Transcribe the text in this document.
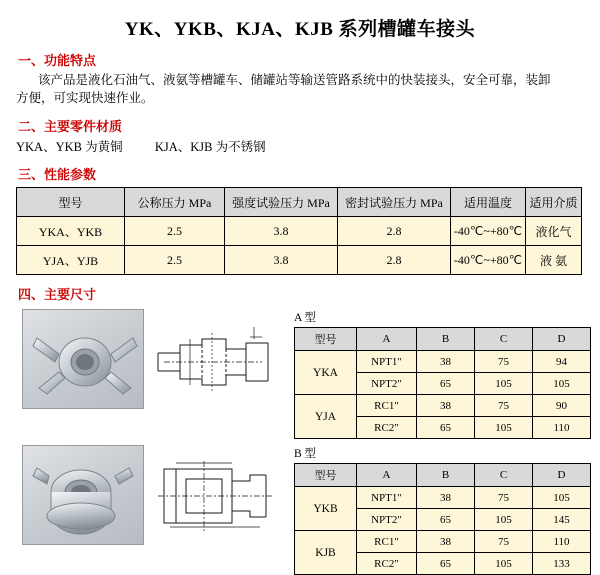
YK、YKB、KJA、KJB 系列槽罐车接头
一、功能特点
该产品是液化石油气、液氨等槽罐车、储罐站等输送管路系统中的快装接头，安全可靠，装卸
方便，可实现快速作业。
二、主要零件材质
YKA、YKB 为黄铜	KJA、KJB 为不锈钢
三、性能参数
型号	公称压力 MPa	强度试验压力 MPa	密封试验压力 MPa	适用温度	适用介质
YKA、YKB	2.5	3.8	2.8	-40℃~+80℃	液化气
YJA、YJB	2.5	3.8	2.8	-40℃~+80℃	液 氨
四、主要尺寸
A 型
型号	A	B	C	D
YKA	NPT1"	38	75	94
	NPT2"	65	105	105
YJA	RC1"	38	75	90
	RC2"	65	105	110
B 型
型号	A	B	C	D
YKB	NPT1"	38	75	105
	NPT2"	65	105	145
KJB	RC1"	38	75	110
	RC2"	65	105	133
